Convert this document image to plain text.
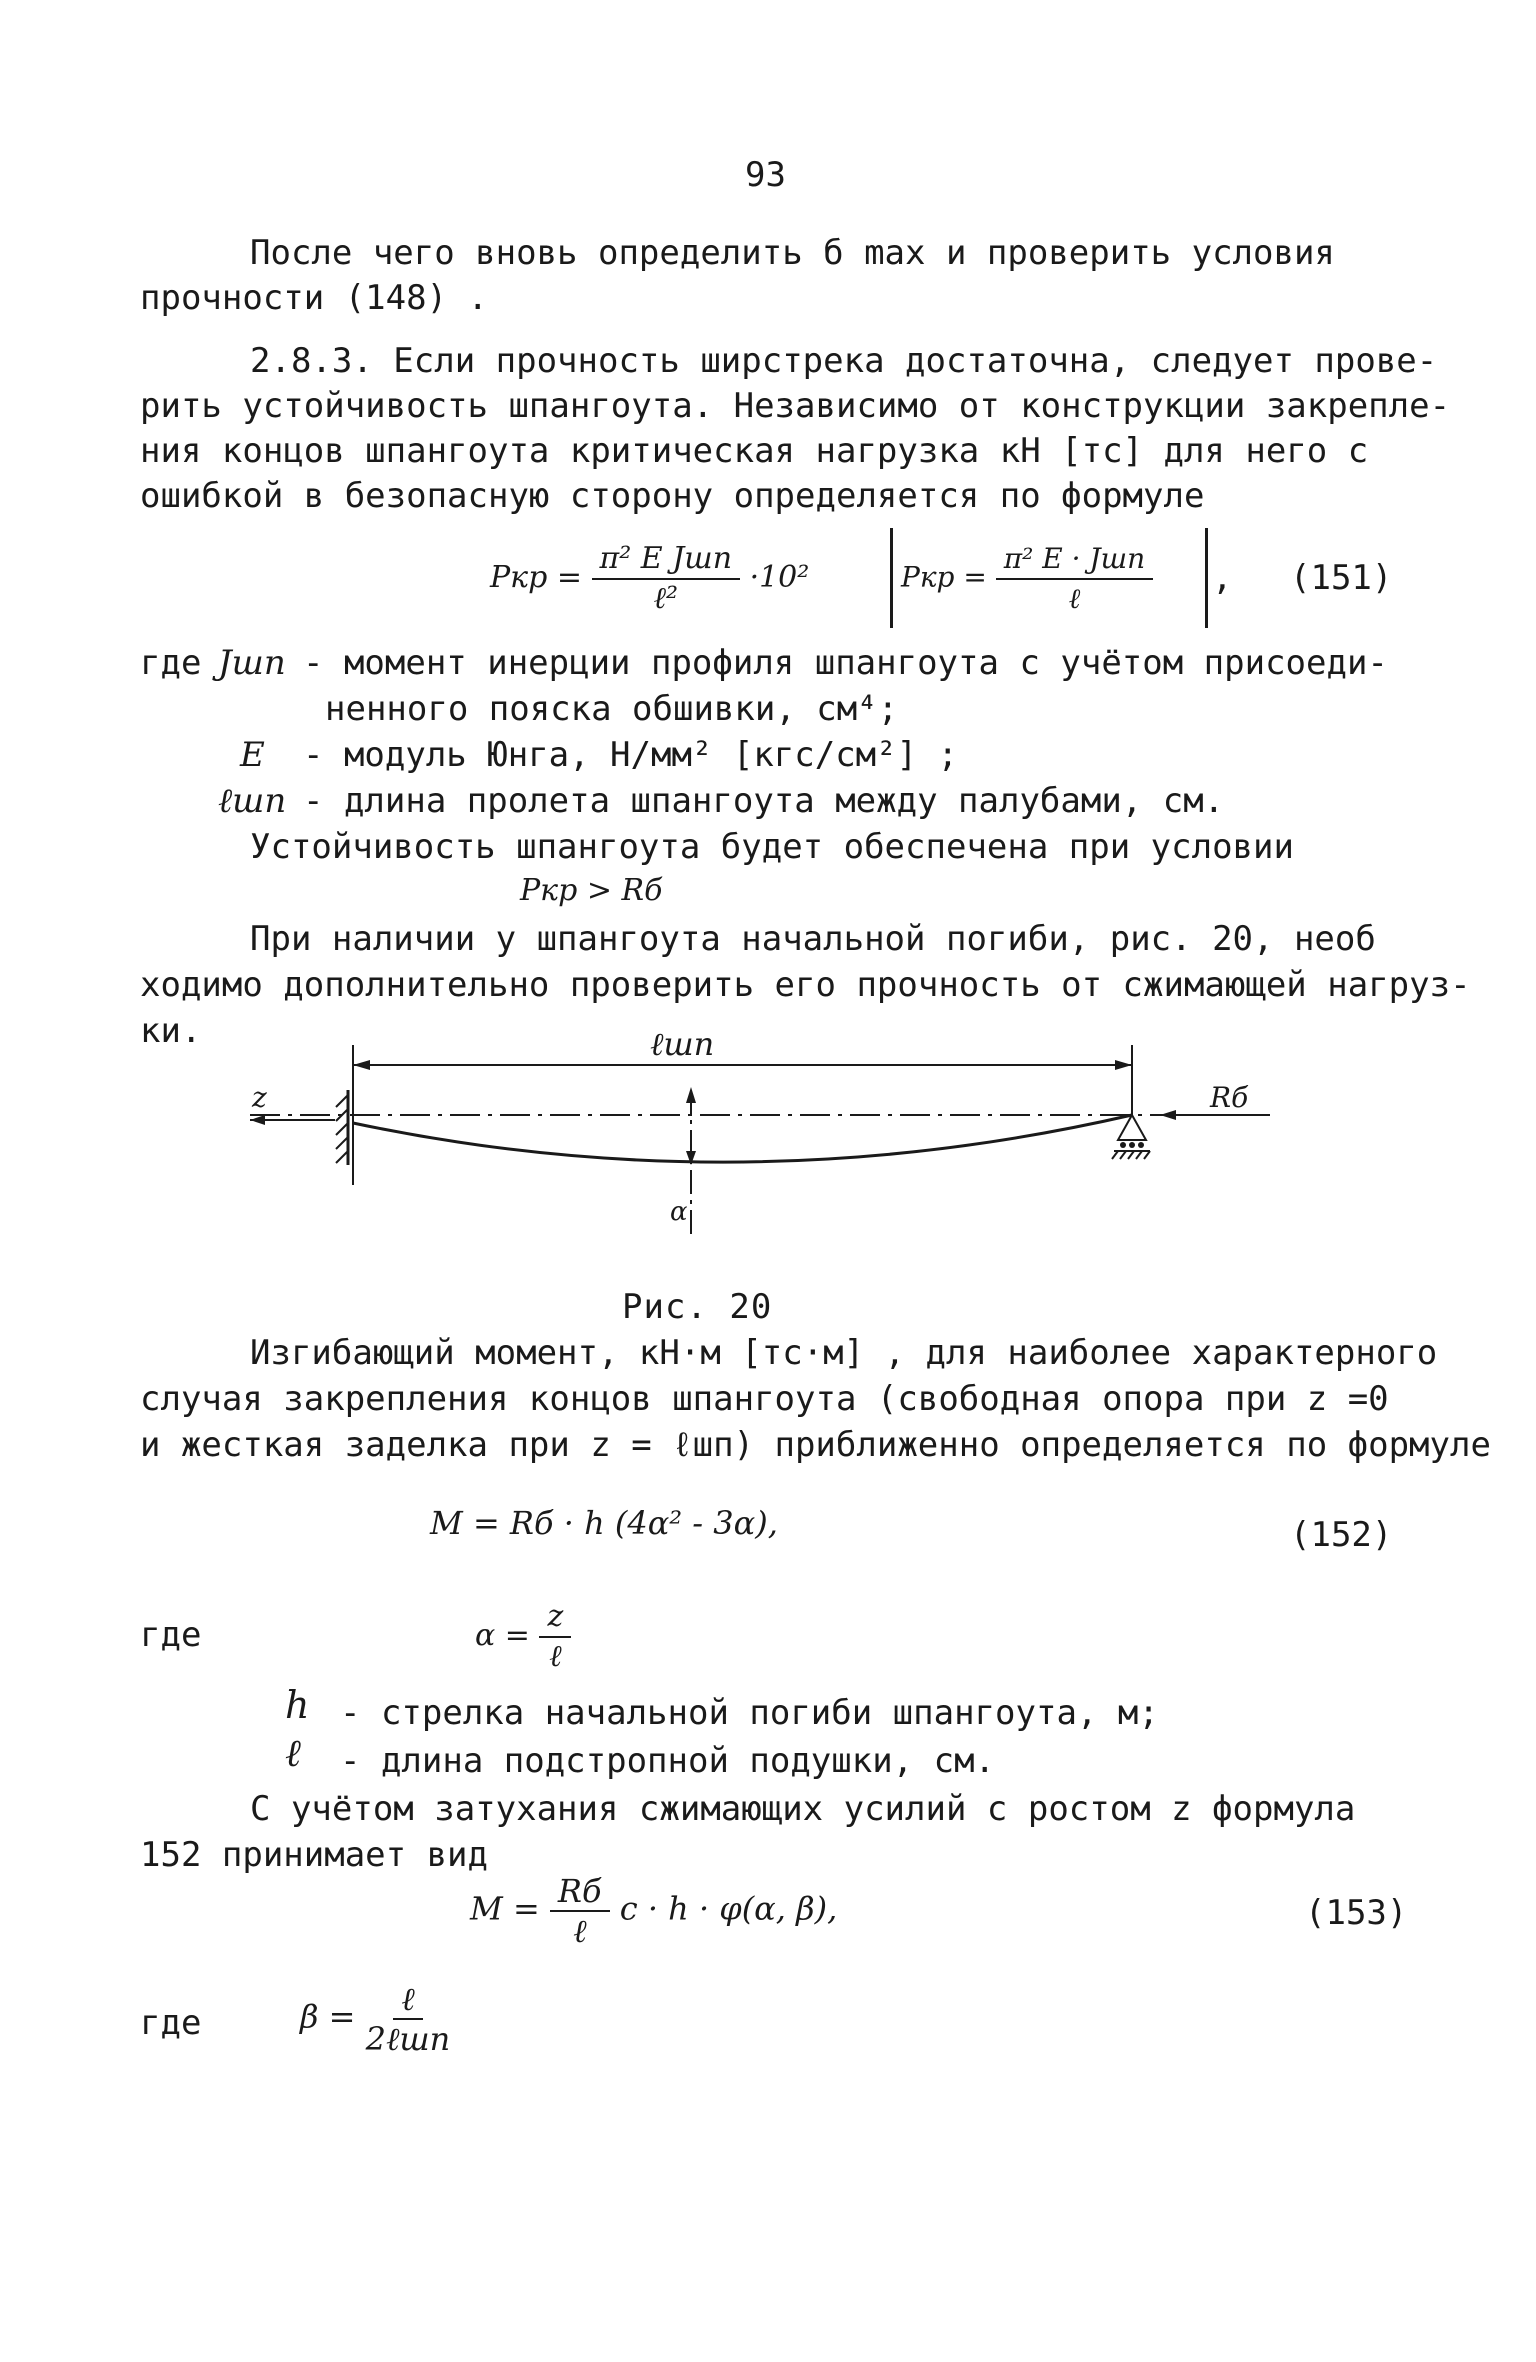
93
После чего вновь определить б max и проверить условия
прочности (148) .
2.8.3. Если прочность ширстрека достаточна, следует прове-
рить устойчивость шпангоута. Независимо от конструкции закрепле-
ния концов шпангоута критическая нагрузка кН [тс] для него с
ошибкой в безопасную сторону определяется по формуле
Pкр = $\frac{\text{π² E Jшп}}{\text{ℓ²}} \cdot 10^2$	Pкр = $\frac{\text{π² E · Jшп}}{\text{ℓ}}$ , (151)
где Jшп - момент инерции профиля шпангоута с учётом присоеди-
ненного пояска обшивки, см⁴;
E - модуль Юнга, Н/мм² [кгс/см²] ;
ℓшп - длина пролета шпангоута между палубами, см.
Устойчивость шпангоута будет обеспечена при условии
Pкр > Rб
При наличии у шпангоута начальной погиби, рис. 20, необ
ходимо дополнительно проверить его прочность от сжимающей нагруз-
ки.	ℓшп
z	Rб
α
Рис. 20
Изгибающий момент, кН·м [тс·м] , для наиболее характерного
случая закрепления концов шпангоута (свободная опора при z =0
и жесткая заделка при z = ℓшп) приближенно определяется по формуле
M = Rб · h (4α² - 3α),	(152)
где	$\alpha = \frac{z}{\text{ℓ}}$
h - стрелка начальной погиби шпангоута, м;
ℓ - длина подстропной подушки, см.
С учётом затухания сжимающих усилий с ростом z формула
152 принимает вид
$M = \frac{Rб}{\text{ℓ}}$ c · h · φ(α, β),	(153)
где	$\beta = \frac{\text{ℓ}}{\text{2ℓшп}}$
